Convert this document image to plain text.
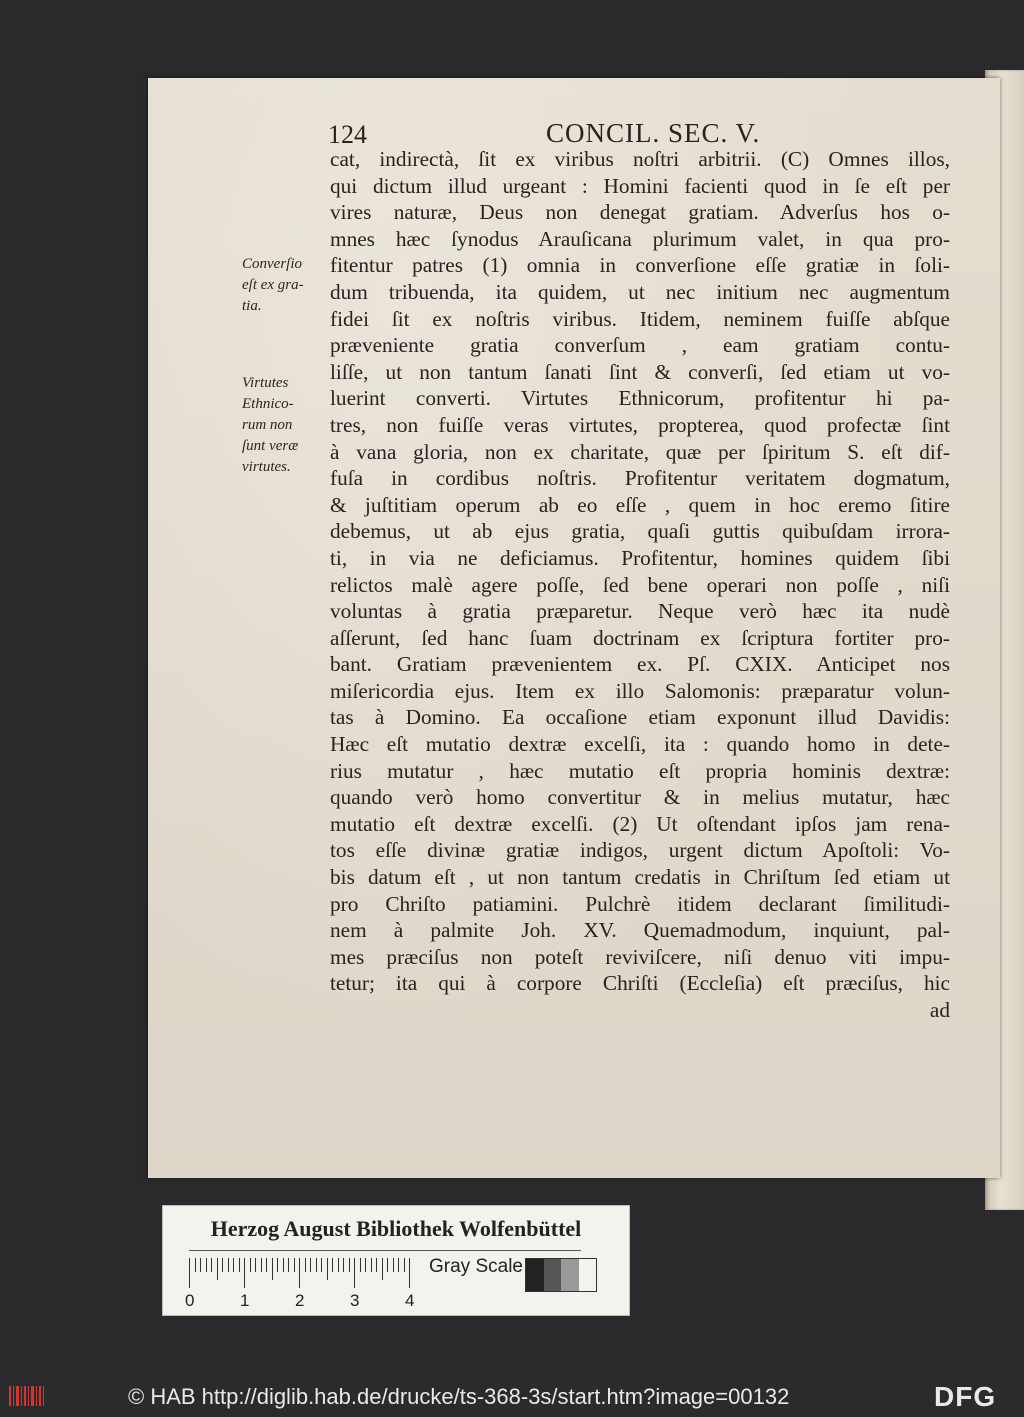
124	CONCIL. SEC. V.
Converſio
eſt ex gra-
tia.
Virtutes
Ethnico-
rum non
ſunt veræ
virtutes.
cat, indirectà, ſit ex viribus noſtri arbitrii. (C) Omnes illos,
qui dictum illud urgeant : Homini facienti quod in ſe eſt per
vires naturæ, Deus non denegat gratiam. Adverſus hos o-
mnes hæc ſynodus Arauſicana plurimum valet, in qua pro-
fitentur patres (1) omnia in converſione eſſe gratiæ in ſoli-
dum tribuenda, ita quidem, ut nec initium nec augmentum
fidei ſit ex noſtris viribus. Itidem, neminem fuiſſe abſque
præveniente gratia converſum , eam gratiam contu-
liſſe, ut non tantum ſanati ſint & converſi, ſed etiam ut vo-
luerint converti. Virtutes Ethnicorum, profitentur hi pa-
tres, non fuiſſe veras virtutes, propterea, quod profectæ ſint
à vana gloria, non ex charitate, quæ per ſpiritum S. eſt dif-
fuſa in cordibus noſtris. Profitentur veritatem dogmatum,
& juſtitiam operum ab eo eſſe , quem in hoc eremo ſitire
debemus, ut ab ejus gratia, quaſi guttis quibuſdam irrora-
ti, in via ne deficiamus. Profitentur, homines quidem ſibi
relictos malè agere poſſe, ſed bene operari non poſſe , niſi
voluntas à gratia præparetur. Neque verò hæc ita nudè
aſſerunt, ſed hanc ſuam doctrinam ex ſcriptura fortiter pro-
bant. Gratiam prævenientem ex. Pſ. CXIX. Anticipet nos
miſericordia ejus. Item ex illo Salomonis: præparatur volun-
tas à Domino. Ea occaſione etiam exponunt illud Davidis:
Hæc eſt mutatio dextræ excelſi, ita : quando homo in dete-
rius mutatur , hæc mutatio eſt propria hominis dextræ:
quando verò homo convertitur & in melius mutatur, hæc
mutatio eſt dextræ excelſi. (2) Ut oſtendant ipſos jam rena-
tos eſſe divinæ gratiæ indigos, urgent dictum Apoſtoli: Vo-
bis datum eſt , ut non tantum credatis in Chriſtum ſed etiam ut
pro Chriſto patiamini. Pulchrè itidem declarant ſimilitudi-
nem à palmite Joh. XV. Quemadmodum, inquiunt, pal-
mes præciſus non poteſt reviviſcere, niſi denuo viti impu-
tetur; ita qui à corpore Chriſti (Eccleſia) eſt præciſus, hic
ad
Herzog August Bibliothek Wolfenbüttel
0	1	2	3	4
Gray Scale
© HAB http://diglib.hab.de/drucke/ts-368-3s/start.htm?image=00132	DFG
